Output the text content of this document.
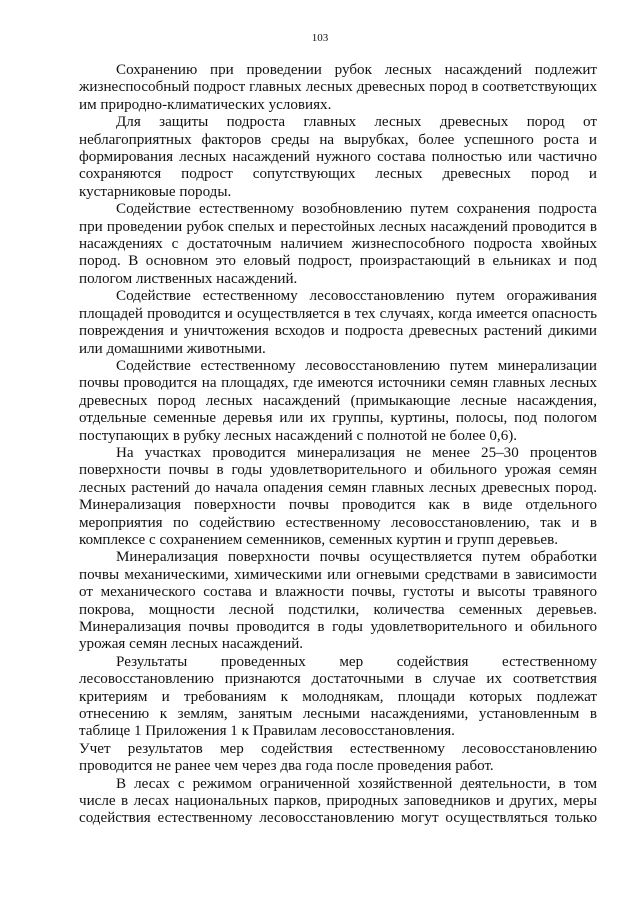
103

Сохранению при проведении рубок лесных насаждений подлежит жизнеспособный подрост главных лесных древесных пород в соответствующих им природно-климатических условиях.

Для защиты подроста главных лесных древесных пород от неблагоприятных факторов среды на вырубках, более успешного роста и формирования лесных насаждений нужного состава полностью или частично сохраняются подрост сопутствующих лесных древесных пород и кустарниковые породы.

Содействие естественному возобновлению путем сохранения подроста при проведении рубок спелых и перестойных лесных насаждений проводится в насаждениях с достаточным наличием жизнеспособного подроста хвойных пород. В основном это еловый подрост, произрастающий в ельниках и под пологом лиственных насаждений.

Содействие естественному лесовосстановлению путем огораживания площадей проводится и осуществляется в тех случаях, когда имеется опасность повреждения и уничтожения всходов и подроста древесных растений дикими или домашними животными.

Содействие естественному лесовосстановлению путем минерализации почвы проводится на площадях, где имеются источники семян главных лесных древесных пород лесных насаждений (примыкающие лесные насаждения, отдельные семенные деревья или их группы, куртины, полосы, под пологом поступающих в рубку лесных насаждений с полнотой не более 0,6).

На участках проводится минерализация не менее 25–30 процентов поверхности почвы в годы удовлетворительного и обильного урожая семян лесных растений до начала опадения семян главных лесных древесных пород. Минерализация поверхности почвы проводится как в виде отдельного мероприятия по содействию естественному лесовосстановлению, так и в комплексе с сохранением семенников, семенных куртин и групп деревьев.

Минерализация поверхности почвы осуществляется путем обработки почвы механическими, химическими или огневыми средствами в зависимости от механического состава и влажности почвы, густоты и высоты травяного покрова, мощности лесной подстилки, количества семенных деревьев. Минерализация почвы проводится в годы удовлетворительного и обильного урожая семян лесных насаждений.

Результаты проведенных мер содействия естественному лесовосстановлению признаются достаточными в случае их соответствия критериям и требованиям к молоднякам, площади которых подлежат отнесению к землям, занятым лесными насаждениями, установленным в таблице 1 Приложения 1 к Правилам лесовосстановления.

Учет результатов мер содействия естественному лесовосстановлению проводится не ранее чем через два года после проведения работ.

В лесах с режимом ограниченной хозяйственной деятельности, в том числе в лесах национальных парков, природных заповедников и других, меры содействия естественному лесовосстановлению могут осуществляться только
